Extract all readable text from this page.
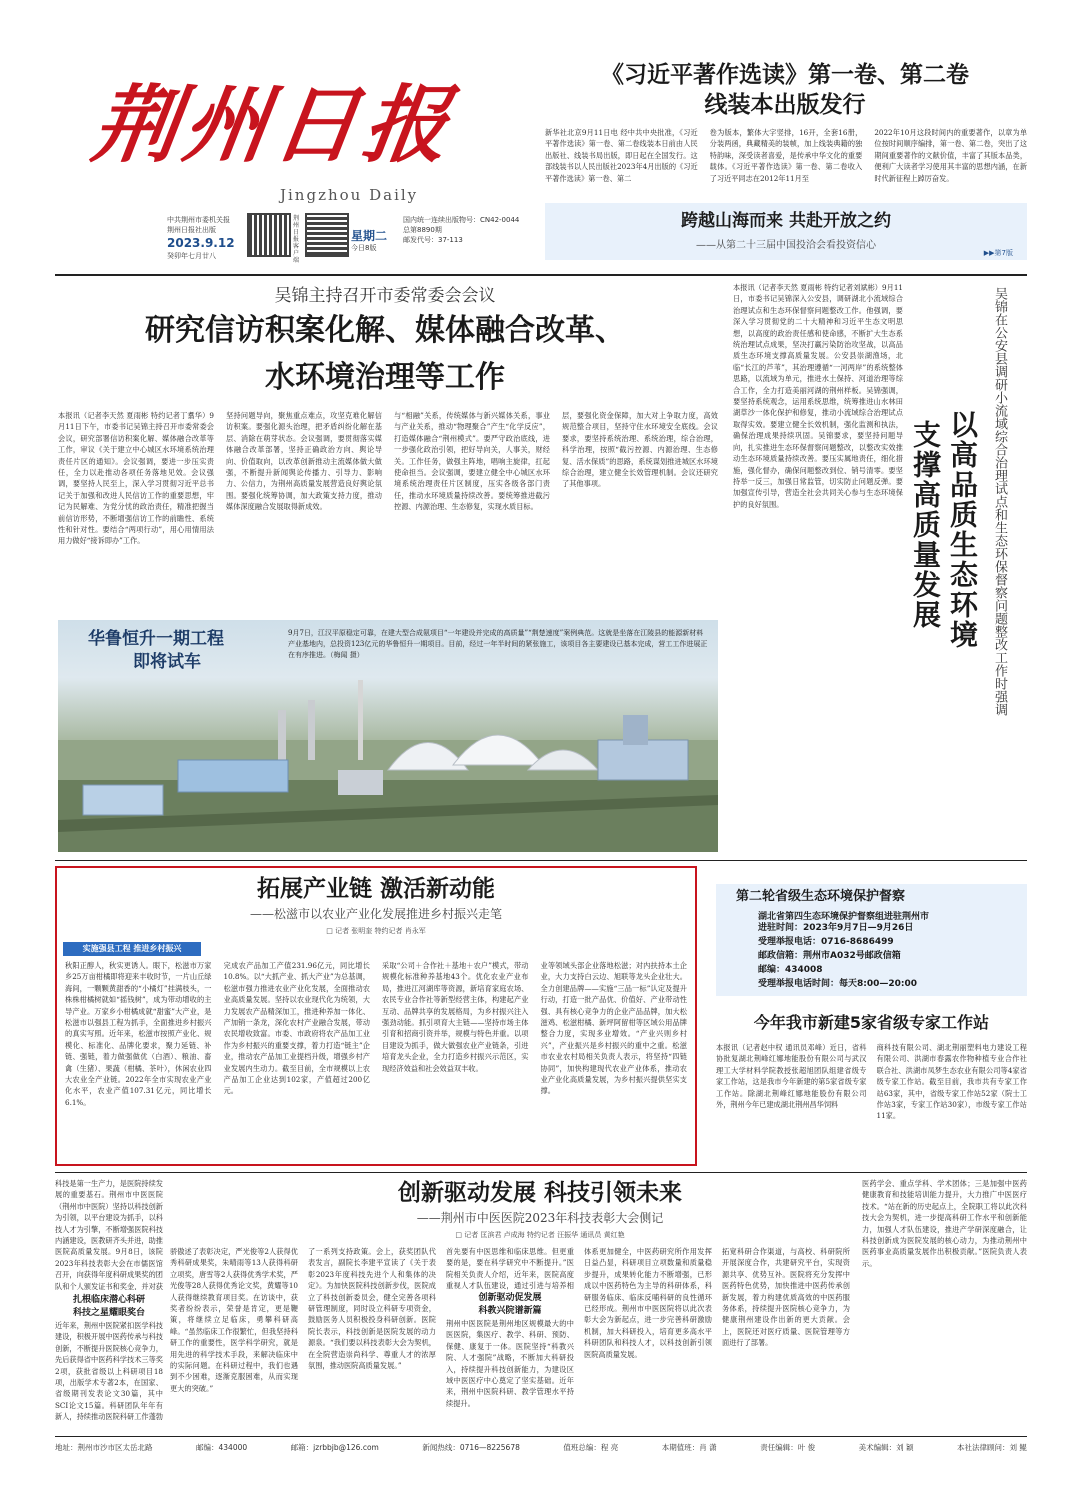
荆州日报
Jingzhou Daily
中共荆州市委机关报
荆州日报社出版
2023.9.12
癸卯年七月廿八
荆州日报客户端
星期二
今日8版
国内统一连续出版物号：CN42-0044
总第8890期
邮发代号：37-113
《习近平著作选读》第一卷、第二卷
线装本出版发行
新华社北京9月11日电 经中共中央批准，《习近平著作选读》第一卷、第二卷线装本日前由人民出版社、线装书局出版，即日起在全国发行。这部线装书以人民出版社2023年4月出版的《习近平著作选读》第一卷、第二
卷为版本，繁体大字竖排，16开，全套16册，分装两函，典藏精美的装帧，加上线装典籍的独特韵味，深受读者喜爱，是传承中华文化的重要载体。《习近平著作选读》第一卷、第二卷收入了习近平同志在2012年11月至
2022年10月这段时间内的重要著作，以章为单位按时间顺序编排，第一卷、第二卷，突出了这期间重要著作的文献价值，丰富了其版本品类，便利广大读者学习使用其丰富的思想内涵，在新时代新征程上踔厉奋发。
跨越山海而来 共赴开放之约
——从第二十三届中国投洽会看投资信心
▶▶第7版
吴锦主持召开市委常委会会议
研究信访积案化解、媒体融合改革、
水环境治理等工作
本报讯（记者李天然 夏雨彬 特约记者丁翥华）9月11日下午，市委书记吴锦主持召开市委常委会会议，研究部署信访积案化解、媒体融合改革等工作，审议《关于建立中心城区水环境系统治理责任片区的通知》。会议强调，要进一步压实责任，全力以赴推动各项任务落地见效。会议强调，要坚持人民至上，深入学习贯彻习近平总书记关于加强和改进人民信访工作的重要思想，牢记为民解难、为党分忧的政治责任，精准把握当前信访形势，不断增强信访工作的前瞻性、系统性和针对性。要结合“两项行动”，用心用情用法用力做好“接诉即办”工作。
坚持问题导向，聚焦重点难点，攻坚克难化解信访积案。要强化源头治理，把矛盾纠纷化解在基层、消除在萌芽状态。会议强调，要贯彻落实媒体融合改革部署，坚持正确政治方向、舆论导向、价值取向，以改革创新推动主流媒体做大做强，不断提升新闻舆论传播力、引导力、影响力、公信力，为荆州高质量发展营造良好舆论氛围。要强化统筹协调，加大政策支持力度，推动媒体深度融合发展取得新成效。
与“相融”关系，传统媒体与新兴媒体关系，事业与产业关系，推动“物理聚合”产生“化学反应”，打造媒体融合“荆州模式”。要严守政治底线，进一步强化政治引领，把好导向关，人事关，财经关。工作任务，做强主阵地，唱响主旋律，扛起使命担当。会议强调，要建立健全中心城区水环境系统治理责任片区制度，压实各级各部门责任，推动水环境质量持续改善。要统筹推进截污控源、内源治理、生态修复，实现水质目标。
层，要强化资金保障，加大对上争取力度，高效规范整合项目，坚持守住水环境安全底线。会议要求，要坚持系统治理、系统治理，综合治理，科学治理，按照“截污控源、内源治理、生态修复、活水保质”的思路，系统谋划推进城区水环境综合治理，建立健全长效管理机制。会议还研究了其他事项。
华鲁恒升一期工程
即将试车
9月7日，江汉平原稳定可靠，在建大型合成氨项目“一年建设并完成的高质量”“荆楚速度”案例典范。这就是坐落在江陵县的能源新材料产业基地内，总投资123亿元的华鲁恒升一期项目。目前，经过一年半时间的紧张施工，该项目各主要建设已基本完成，营工工作进展正在有序推进。（梅闻 摄）
本报讯（记者李天然 夏雨彬 特约记者刘斌彬）9月11日，市委书记吴锦深入公安县，调研湖北小流域综合治理试点和生态环保督察问题整改工作。他强调，要深入学习贯彻党的二十大精神和习近平生态文明思想，以高度的政治责任感和使命感，不断扩大生态系统治理试点成果，坚决打赢污染防治攻坚战，以高品质生态环境支撑高质量发展。公安县崇湖渔场，北临“长江的芦苇”，其治理遵循“一河两岸”的系统整体思路，以流域为单元，推进水土保持、河道治理等综合工作，全力打造美丽河湖的荆州样板。吴锦强调，要坚持系统观念，运用系统思维，统筹推进山水林田湖草沙一体化保护和修复，推动小流域综合治理试点取得实效。要建立健全长效机制，强化监测和执法，确保治理成果持续巩固。吴锦要求，要坚持问题导向，扎实推进生态环保督察问题整改，以整改实效推动生态环境质量持续改善。要压实属地责任，细化措施，强化督办，确保问题整改到位、销号清零。要坚持举一反三，加强日常监管，切实防止问题反弹。要加强宣传引导，营造全社会共同关心参与生态环境保护的良好氛围。	以高品质生态环境
支撑高质量发展	吴锦在公安县调研小流域综合治理试点和生态环保督察问题整改工作时强调
拓展产业链 激活新动能
——松滋市以农业产业化发展推进乡村振兴走笔
□ 记者 张明奎 特约记者 肖永军
实施强县工程 推进乡村振兴
秋阳正醇人，秋实更诱人。眼下，松滋市万家乡25万亩柑橘即将迎来丰收时节，一片山丘绿海间，一颗颗黄甜香的“小橘灯”挂满枝头，一株株柑橘树就如“摇钱树”，成为带动增收的主导产业。万家乡小柑橘成就“甜蜜”大产业，是松滋市以强县工程为抓手，全面推进乡村振兴的真实写照。近年来，松滋市按照产业化、规模化、标准化、品牌化要求，聚力延链、补链、强链，着力做强做优（白酒）、粮油、畜禽（生猪）、果蔬（柑橘、茶叶），休闲农业四大农业全产业链。2022年全市实现农业产业化水平，农业产值107.31亿元，同比增长6.1%。
完成农产品加工产值231.96亿元，同比增长10.8%。以“大抓产业、抓大产业”为总基调，松滋市强力推进农业产业化发展，全面推动农业高质量发展。坚持以农业现代化为统领，大力发展农产品精深加工，推进种养加一体化、产加销一条龙，深化农村产业融合发展，带动农民增收致富。市委、市政府将农产品加工业作为乡村振兴的重要支撑，着力打造“链主”企业，推动农产品加工业提档升级，增强乡村产业发展内生动力。截至目前，全市规模以上农产品加工企业达到102家，产值超过200亿元。
采取“公司＋合作社＋基地＋农户”模式，带动规模化标准种养基地43个。优化农业产业布局，推进江河湖库等资源，新培育家庭农场、农民专业合作社等新型经营主体，构建起产业互动、品牌共享的发展格局，为乡村振兴注入强劲动能。抓引项育大主链——坚持市场主体引育和招商引资并举，规模与特色并重。以项目建设为抓手，做大做强农业产业链条，引进培育龙头企业，全力打造乡村振兴示范区，实现经济效益和社会效益双丰收。
业等领域头部企业落地松滋；对内扶持本土企业，大力支持白云边、旭联等龙头企业壮大。全力创建品牌——实施“三品一标”认定及提升行动，打造一批产品优、价值好、产业带动性强、具有核心竞争力的企业产品品牌，加大松滋鸡、松滋柑橘、新坪阿留柑等区域公用品牌整合力度，实现多业增效。“产业兴则乡村兴”，产业振兴是乡村振兴的重中之重。松滋市农业农村局相关负责人表示，将坚持“四链协同”，加快构建现代农业产业体系，推动农业产业化高质量发展，为乡村振兴提供坚实支撑。
第二轮省级生态环境保护督察
湖北省第四生态环境保护督察组进驻荆州市
进驻时间：2023年9月7日—9月26日
受理举报电话：0716-8686499
邮政信箱：荆州市A032号邮政信箱
邮编：434008
受理举报电话时间：每天8:00—20:00
今年我市新建5家省级专家工作站
本报讯（记者赵中权 通讯员邓峰）近日，省科协批复湖北荆峰红娜地能股份有限公司与武汉理工大学材料学院教授张超旭团队组建省级专家工作站，这是我市今年新建的第5家省级专家工作站。除湖北荆峰红娜地能股份有限公司外，荆州今年已建成湖北荆州昌华饲料
商科技有限公司、湖北荆丽塑料电力建设工程有限公司、洪湖市春露农作物种植专业合作社联合社、洪湖市凤梦生态农业有限公司等4家省级专家工作站。截至目前，我市共有专家工作站63家，其中，省级专家工作站52家（院士工作站3家，专家工作站30家），市级专家工作站11家。
科技是第一生产力，是医院持续发展的重要基石。荆州市中医医院（荆州市中医院）坚持以科技创新为引领，以平台建设为抓手，以科技人才为引擎，不断增强医院科技内涵建设，医教研齐头并进，助推医院高质量发展。9月8日，该院2023年科技表彰大会在市儒医馆召开，向获得年度科研成果奖的团队和个人颁发证书和奖金，并对获
扎根临床潜心科研
科技之星耀眼奖台
近年来，荆州中医院紧扣医学科技建设，积极开展中医药传承与科技创新，不断提升医院核心竞争力，先后获得省中医药科学技术三等奖2项，获批省级以上科研项目18项，出版学术专著2本，在国家、省级期刊发表论文30篇，其中SCI论文15篇。科研团队年年有新人，持续推动医院科研工作蓬勃
创新驱动发展 科技引领未来
——荆州市中医医院2023年科技表彰大会侧记
□ 记者 匡滨君 卢成海 特约记者 汪振华 通讯员 黄红艳
骄傲述了表彰决定，严光俊等2人获得优秀科研成果奖，朱晴雨等13人获得科研立项奖，唐雪等2人获得优秀学术奖，严光俊等28人获得优秀论文奖，黄耀等10人获得继续教育项目奖。在访谈中，获奖者纷纷表示，荣誉是肯定，更是鞭策，将继续立足临床，勇攀科研高峰。“虽然临床工作很繁忙，但我坚持科研工作的重要性，医学科学研究，就是用先进的科学技术手段，来解决临床中的实际问题。在科研过程中，我们也遇到不少困难，逐渐克服困难，从而实现更大的突破。”
了一系列支持政策。会上，获奖团队代表发言，副院长李建平宣读了《关于表彰2023年度科技先进个人和集体的决定》。为加快医院科技创新步伐，医院成立了科技创新委员会，健全完善各项科研管理制度，同时设立科研专项资金，鼓励医务人员积极投身科研创新。医院院长表示，科技创新是医院发展的动力源泉。“我们要以科技表彰大会为契机，在全院营造崇尚科学、尊重人才的浓厚氛围，推动医院高质量发展。”
首先要有中医思维和临床思维。但更重要的是，要在科学研究中不断提升。”医院相关负责人介绍，近年来，医院高度重视人才队伍建设，通过引进与培养相
创新驱动促发展
科教兴院谱新篇
荆州中医医院是荆州地区规模最大的中医医院，集医疗、教学、科研、预防、保健、康复于一体。医院坚持“科教兴院、人才强院”战略，不断加大科研投入，持续提升科技创新能力，为建设区域中医医疗中心奠定了坚实基础。近年来，荆州中医院科研、教学管理水平持续提升。
体系更加健全，中医药研究所作用发挥日益凸显，科研项目立项数量和质量稳步提升，成果转化能力不断增强，已形成以中医药特色为主导的科研体系，科研服务临床、临床反哺科研的良性循环已经形成。荆州市中医医院将以此次表彰大会为新起点，进一步完善科研激励机制，加大科研投入，培育更多高水平科研团队和科技人才，以科技创新引领医院高质量发展。
拓宽科研合作渠道，与高校、科研院所开展深度合作，共建研究平台，实现资源共享、优势互补。医院将充分发挥中医药特色优势，加快推进中医药传承创新发展，着力构建优质高效的中医药服务体系，持续提升医院核心竞争力，为健康荆州建设作出新的更大贡献。会上，医院还对医疗质量、医院管理等方面进行了部署。
医药学会、重点学科、学术团体；三是加强中医药健康教育和技能培训能力提升，大力推广中医医疗技术。“站在新的历史起点上，全院职工将以此次科技大会为契机，进一步提高科研工作水平和创新能力，加强人才队伍建设，推进产学研深度融合，让科技创新成为医院发展的核心动力，为推动荆州中医药事业高质量发展作出积极贡献。”医院负责人表示。
地址：荆州市沙市区太岳北路	邮编：434000	邮箱：jzrbbjb@126.com	新闻热线：0716—8225678	值班总编：程 亮	本期值班：肖 潇	责任编辑：叶 俊	美术编辑：刘 颖	本社法律顾问：刘 鲲
